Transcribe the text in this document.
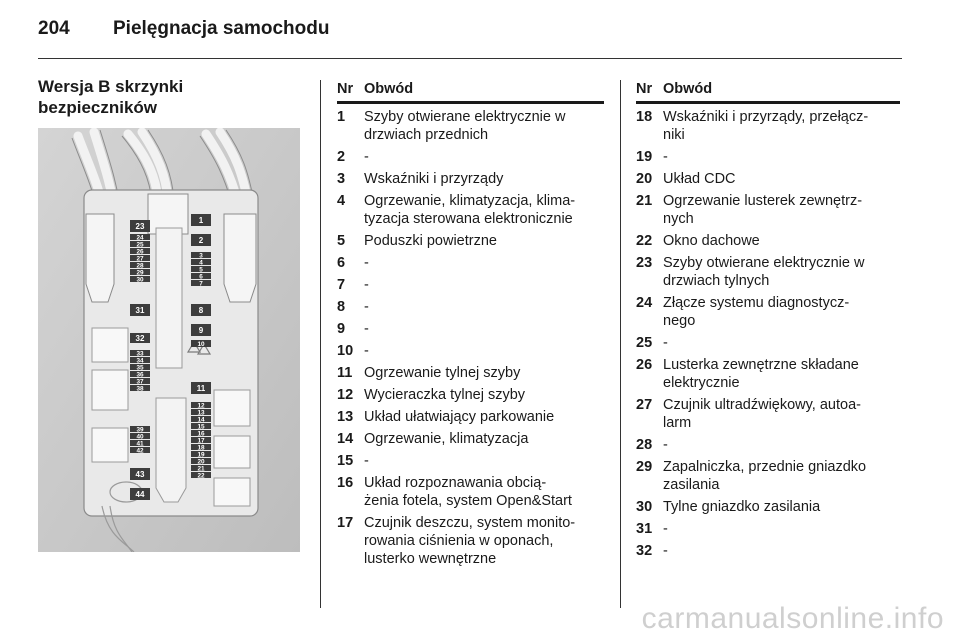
204 Pielęgnacja samochodu
Wersja B skrzynki
bezpieczników
23
24
25
26
27
28
29
30
31
32
33
34
35
36
37
38
39
40
41
42
43
44
1
2
3
4
5
6
7
8
9
10
11
12
13
14
15
16
17
18
19
20
21
22
Nr Obwód
1	Szyby otwierane elektrycznie w
drzwiach przednich
2	-
3	Wskaźniki i przyrządy
4	Ogrzewanie, klimatyzacja, klima-
tyzacja sterowana elektronicznie
5	Poduszki powietrzne
6	-
7	-
8	-
9	-
10 -
11 Ogrzewanie tylnej szyby
12 Wycieraczka tylnej szyby
13 Układ ułatwiający parkowanie
14 Ogrzewanie, klimatyzacja
15 -
16 Układ rozpoznawania obcią-
żenia fotela, system Open&Start
17 Czujnik deszczu, system monito-
rowania ciśnienia w oponach,
lusterko wewnętrzne
Nr Obwód
18 Wskaźniki i przyrządy, przełącz-
niki
19 -
20 Układ CDC
21 Ogrzewanie lusterek zewnętrz-
nych
22 Okno dachowe
23 Szyby otwierane elektrycznie w
drzwiach tylnych
24 Złącze systemu diagnostycz-
nego
25 -
26 Lusterka zewnętrzne składane
elektrycznie
27 Czujnik ultradźwiękowy, autoa-
larm
28 -
29 Zapalniczka, przednie gniazdko
zasilania
30 Tylne gniazdko zasilania
31 -
32 -
carmanualsonline.info
